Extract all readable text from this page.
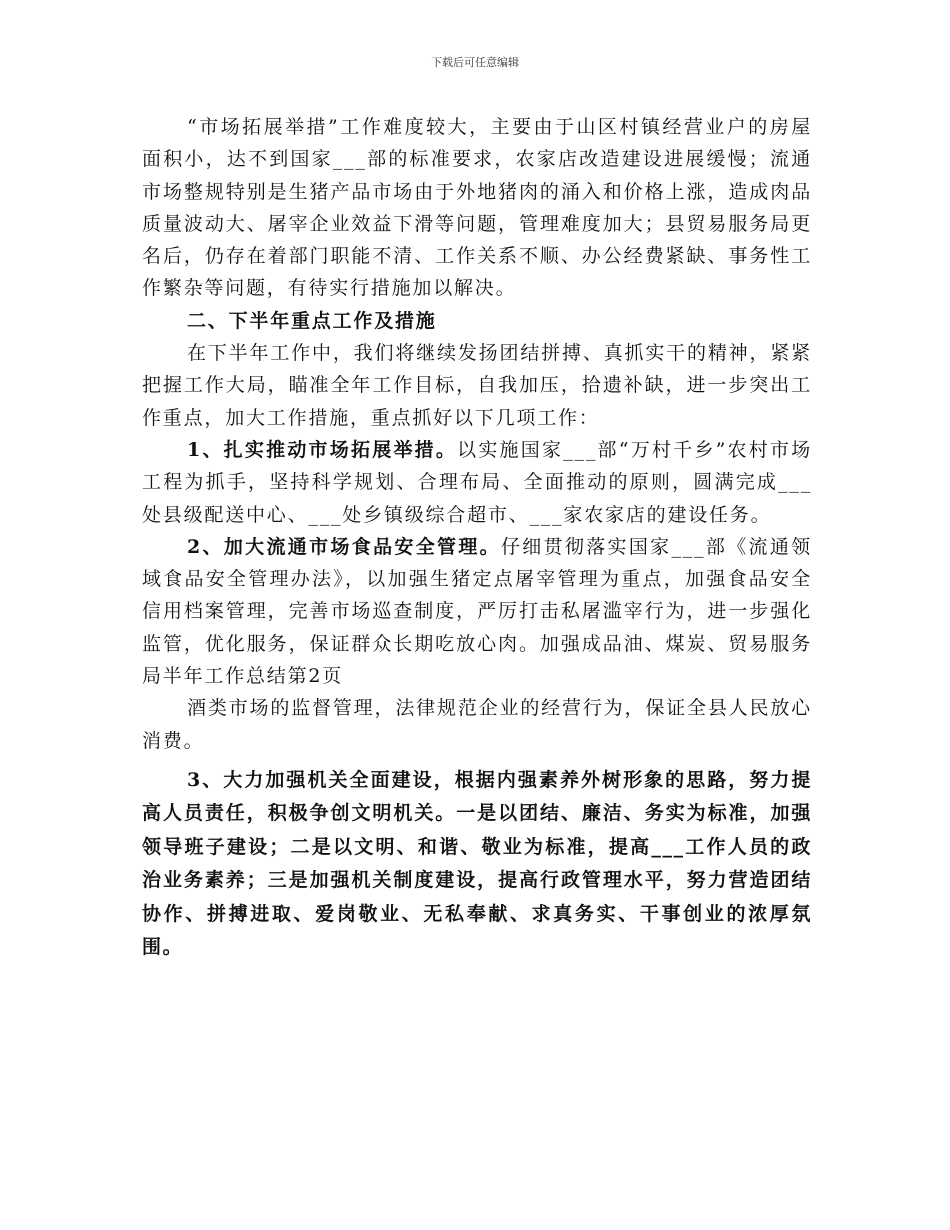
下载后可任意编辑

“市场拓展举措”工作难度较大，主要由于山区村镇经营业户的房屋面积小，达不到国家___部的标准要求，农家店改造建设进展缓慢；流通市场整规特别是生猪产品市场由于外地猪肉的涌入和价格上涨，造成肉品质量波动大、屠宰企业效益下滑等问题，管理难度加大；县贸易服务局更名后，仍存在着部门职能不清、工作关系不顺、办公经费紧缺、事务性工作繁杂等问题，有待实行措施加以解决。

二、下半年重点工作及措施

在下半年工作中，我们将继续发扬团结拼搏、真抓实干的精神，紧紧把握工作大局，瞄准全年工作目标，自我加压，拾遗补缺，进一步突出工作重点，加大工作措施，重点抓好以下几项工作：

1、扎实推动市场拓展举措。以实施国家___部“万村千乡”农村市场工程为抓手，坚持科学规划、合理布局、全面推动的原则，圆满完成___处县级配送中心、___处乡镇级综合超市、___家农家店的建设任务。

2、加大流通市场食品安全管理。仔细贯彻落实国家___部《流通领域食品安全管理办法》，以加强生猪定点屠宰管理为重点，加强食品安全信用档案管理，完善市场巡查制度，严厉打击私屠滥宰行为，进一步强化监管，优化服务，保证群众长期吃放心肉。加强成品油、煤炭、贸易服务局半年工作总结第2页

酒类市场的监督管理，法律规范企业的经营行为，保证全县人民放心消费。

3、大力加强机关全面建设，根据内强素养外树形象的思路，努力提高人员责任，积极争创文明机关。一是以团结、廉洁、务实为标准，加强领导班子建设；二是以文明、和谐、敬业为标准，提高___工作人员的政治业务素养；三是加强机关制度建设，提高行政管理水平，努力营造团结协作、拼搏进取、爱岗敬业、无私奉献、求真务实、干事创业的浓厚氛围。
